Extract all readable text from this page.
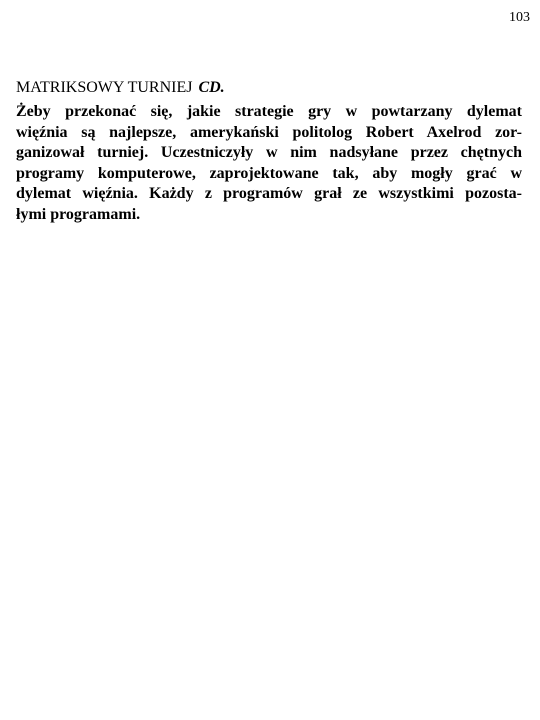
103
MATRIKSOWY TURNIEJ CD.

Żeby przekonać się, jakie strategie gry w powtarzany dylemat
więźnia są najlepsze, amerykański politolog Robert Axelrod zor-
ganizował turniej. Uczestniczyły w nim nadsyłane przez chętnych
programy komputerowe, zaprojektowane tak, aby mogły grać w
dylemat więźnia. Każdy z programów grał ze wszystkimi pozosta-
łymi programami.
